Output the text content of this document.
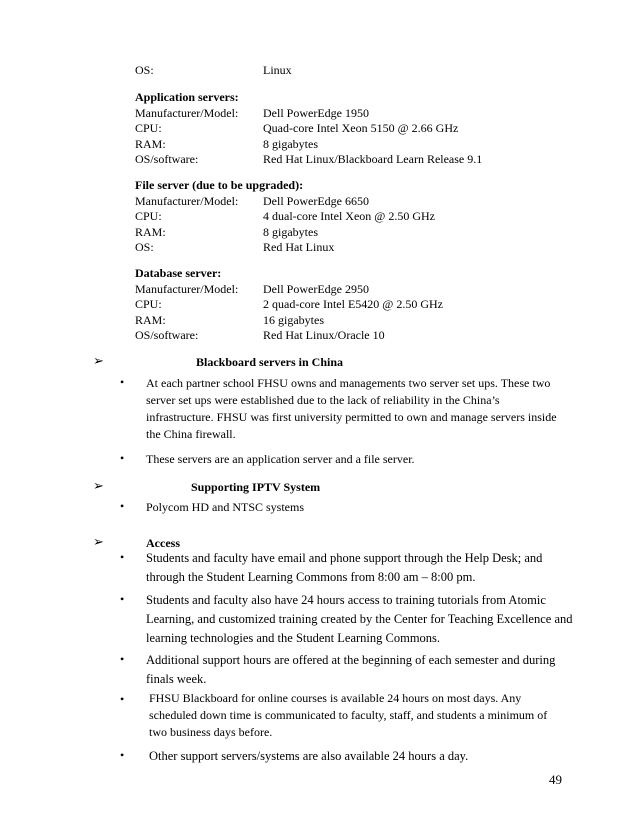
OS:	Linux
Application servers:
Manufacturer/Model: Dell PowerEdge 1950
CPU:	Quad-core Intel Xeon 5150 @ 2.66 GHz
RAM:	8 gigabytes
OS/software:	Red Hat Linux/Blackboard Learn Release 9.1
File server (due to be upgraded):
Manufacturer/Model: Dell PowerEdge 6650
CPU:	4 dual-core Intel Xeon @ 2.50 GHz
RAM:	8 gigabytes
OS:	Red Hat Linux
Database server:
Manufacturer/Model: Dell PowerEdge 2950
CPU:	2 quad-core Intel E5420 @ 2.50 GHz
RAM:	16 gigabytes
OS/software:	Red Hat Linux/Oracle 10
➢	Blackboard servers in China
• At each partner school FHSU owns and managements two server set ups. These two
server set ups were established due to the lack of reliability in the China’s
infrastructure. FHSU was first university permitted to own and manage servers inside
the China firewall.
• These servers are an application server and a file server.
➢	Supporting IPTV System
• Polycom HD and NTSC systems
➢	Access
• Students and faculty have email and phone support through the Help Desk; and
through the Student Learning Commons from 8:00 am – 8:00 pm.
• Students and faculty also have 24 hours access to training tutorials from Atomic
Learning, and customized training created by the Center for Teaching Excellence and
learning technologies and the Student Learning Commons.
• Additional support hours are offered at the beginning of each semester and during
finals week.
• FHSU Blackboard for online courses is available 24 hours on most days. Any
scheduled down time is communicated to faculty, staff, and students a minimum of
two business days before.
• Other support servers/systems are also available 24 hours a day.
49
